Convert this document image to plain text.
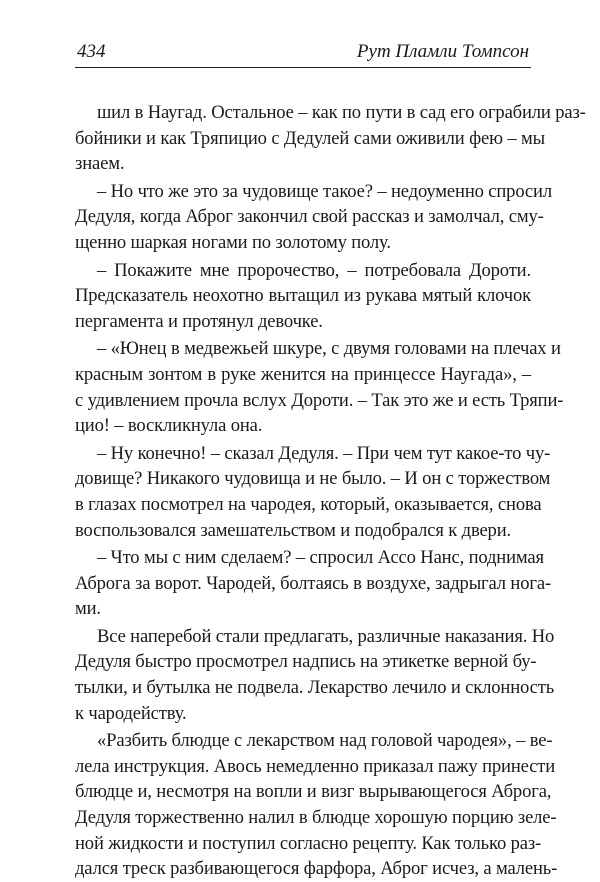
434	Рут Пламли Томпсон
шил в Наугад. Остальное – как по пути в сад его ограбили раз-
бойники и как Тряпицио с Дедулей сами оживили фею – мы
знаем.
– Но что же это за чудовище такое? – недоуменно спросил
Дедуля, когда Аброг закончил свой рассказ и замолчал, сму-
щенно шаркая ногами по золотому полу.
– Покажите мне пророчество, – потребовала Дороти.
Предсказатель неохотно вытащил из рукава мятый клочок
пергамента и протянул девочке.
– «Юнец в медвежьей шкуре, с двумя головами на плечах и
красным зонтом в руке женится на принцессе Наугада», –
с удивлением прочла вслух Дороти. – Так это же и есть Тряпи-
цио! – воскликнула она.
– Ну конечно! – сказал Дедуля. – При чем тут какое-то чу-
довище? Никакого чудовища и не было. – И он с торжеством
в глазах посмотрел на чародея, который, оказывается, снова
воспользовался замешательством и подобрался к двери.
– Что мы с ним сделаем? – спросил Ассо Нанс, поднимая
Аброга за ворот. Чародей, болтаясь в воздухе, задрыгал нога-
ми.
Все наперебой стали предлагать, различные наказания. Но
Дедуля быстро просмотрел надпись на этикетке верной бу-
тылки, и бутылка не подвела. Лекарство лечило и склонность
к чародейству.
«Разбить блюдце с лекарством над головой чародея», – ве-
лела инструкция. Авось немедленно приказал пажу принести
блюдце и, несмотря на вопли и визг вырывающегося Аброга,
Дедуля торжественно налил в блюдце хорошую порцию зеле-
ной жидкости и поступил согласно рецепту. Как только раз-
дался треск разбивающегося фарфора, Аброг исчез, а малень-
